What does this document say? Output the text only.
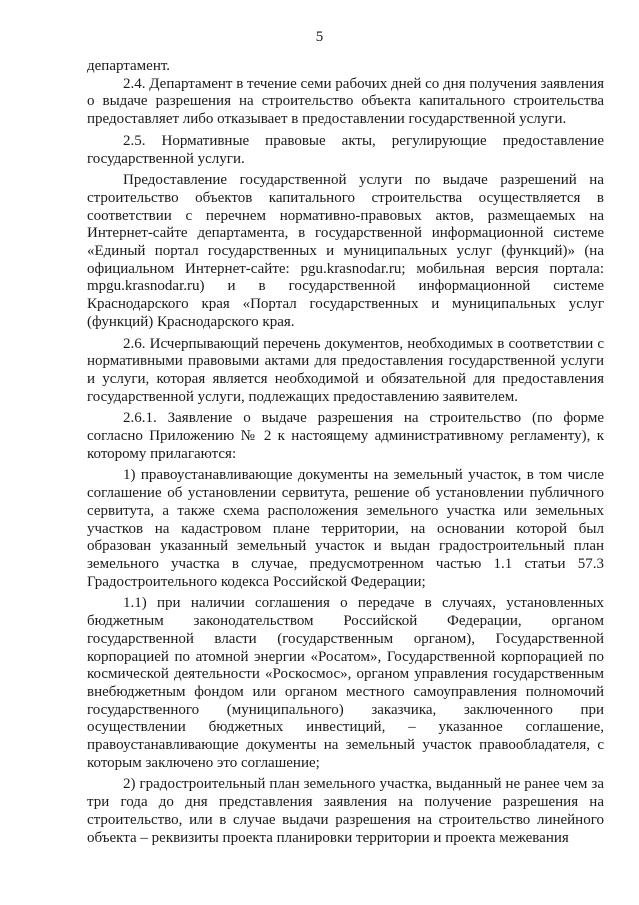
5

департамент.

2.4. Департамент в течение семи рабочих дней со дня получения заявления о выдаче разрешения на строительство объекта капитального строительства предоставляет либо отказывает в предоставлении государственной услуги.

2.5. Нормативные правовые акты, регулирующие предоставление государственной услуги.

Предоставление государственной услуги по выдаче разрешений на строительство объектов капитального строительства осуществляется в соответствии с перечнем нормативно-правовых актов, размещаемых на Интернет-сайте департамента, в государственной информационной системе «Единый портал государственных и муниципальных услуг (функций)» (на официальном Интернет-сайте: pgu.krasnodar.ru; мобильная версия портала: mpgu.krasnodar.ru) и в государственной информационной системе Краснодарского края «Портал государственных и муниципальных услуг (функций) Краснодарского края.

2.6. Исчерпывающий перечень документов, необходимых в соответствии с нормативными правовыми актами для предоставления государственной услуги и услуги, которая является необходимой и обязательной для предоставления государственной услуги, подлежащих предоставлению заявителем.

2.6.1. Заявление о выдаче разрешения на строительство (по форме согласно Приложению № 2 к настоящему административному регламенту), к которому прилагаются:

1) правоустанавливающие документы на земельный участок, в том числе соглашение об установлении сервитута, решение об установлении публичного сервитута, а также схема расположения земельного участка или земельных участков на кадастровом плане территории, на основании которой был образован указанный земельный участок и выдан градостроительный план земельного участка в случае, предусмотренном частью 1.1 статьи 57.3 Градостроительного кодекса Российской Федерации;

1.1) при наличии соглашения о передаче в случаях, установленных бюджетным законодательством Российской Федерации, органом государственной власти (государственным органом), Государственной корпорацией по атомной энергии «Росатом», Государственной корпорацией по космической деятельности «Роскосмос», органом управления государственным внебюджетным фондом или органом местного самоуправления полномочий государственного (муниципального) заказчика, заключенного при осуществлении бюджетных инвестиций, – указанное соглашение, правоустанавливающие документы на земельный участок правообладателя, с которым заключено это соглашение;

2) градостроительный план земельного участка, выданный не ранее чем за три года до дня представления заявления на получение разрешения на строительство, или в случае выдачи разрешения на строительство линейного объекта – реквизиты проекта планировки территории и проекта межевания
